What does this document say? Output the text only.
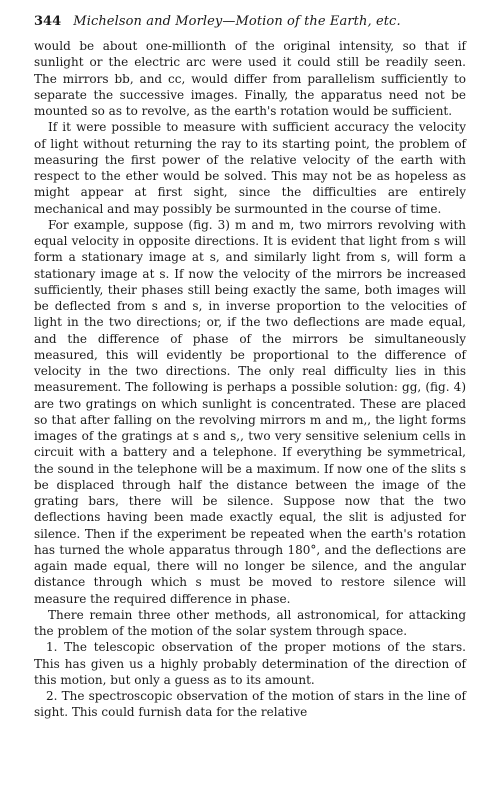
344 Michelson and Morley—Motion of the Earth, etc.

would be about one-millionth of the original intensity, so that if sunlight or the electric arc were used it could still be readily seen. The mirrors bb, and cc, would differ from parallelism sufficiently to separate the successive images. Finally, the apparatus need not be mounted so as to revolve, as the earth's rotation would be sufficient.

If it were possible to measure with sufficient accuracy the velocity of light without returning the ray to its starting point, the problem of measuring the first power of the relative velocity of the earth with respect to the ether would be solved. This may not be as hopeless as might appear at first sight, since the difficulties are entirely mechanical and may possibly be surmounted in the course of time.

For example, suppose (fig. 3) m and m, two mirrors revolving with equal velocity in opposite directions. It is evident that light from s will form a stationary image at s, and similarly light from s, will form a stationary image at s. If now the velocity of the mirrors be increased sufficiently, their phases still being exactly the same, both images will be deflected from s and s, in inverse proportion to the velocities of light in the two directions; or, if the two deflections are made equal, and the difference of phase of the mirrors be simultaneously measured, this will evidently be proportional to the difference of velocity in the two directions. The only real difficulty lies in this measurement. The following is perhaps a possible solution: gg, (fig. 4) are two gratings on which sunlight is concentrated. These are placed so that after falling on the revolving mirrors m and m,, the light forms images of the gratings at s and s,, two very sensitive selenium cells in circuit with a battery and a telephone. If everything be symmetrical, the sound in the telephone will be a maximum. If now one of the slits s be displaced through half the distance between the image of the grating bars, there will be silence. Suppose now that the two deflections having been made exactly equal, the slit is adjusted for silence. Then if the experiment be repeated when the earth's rotation has turned the whole apparatus through 180°, and the deflections are again made equal, there will no longer be silence, and the angular distance through which s must be moved to restore silence will measure the required difference in phase.

There remain three other methods, all astronomical, for attacking the problem of the motion of the solar system through space.

1. The telescopic observation of the proper motions of the stars. This has given us a highly probably determination of the direction of this motion, but only a guess as to its amount.

2. The spectroscopic observation of the motion of stars in the line of sight. This could furnish data for the relative
